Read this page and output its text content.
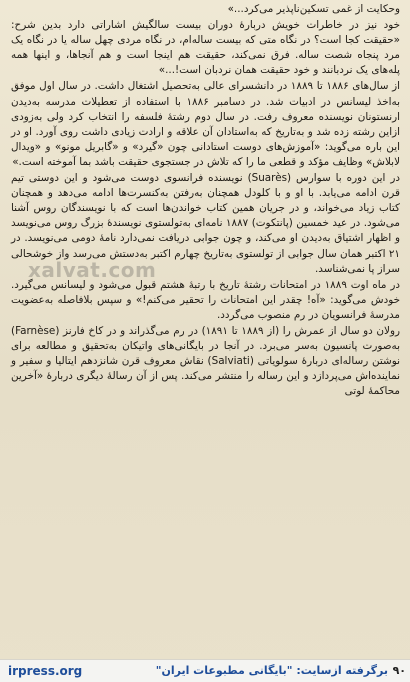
وحکایت از غمی تسکین‌ناپذیر می‌کرد...»

خود نیز در خاطرات خویش دربارهٔ دوران بیست سالگیش اشاراتی دارد بدین شرح: «حقیقت کجا است؟ در نگاه متی که بیست ساله‌ام، در نگاه مردی چهل ساله یا در نگاه یک مرد پنجاه شصت ساله. فرق نمی‌کند، حقیقت هم اینجا است و هم آنجاها، و اینها همه پله‌های یک نردبانند و خود حقیقت همان نردبان است!...»

از سال‌های ۱۸۸۶ تا ۱۸۸۹ در دانشسرای عالی به‌تحصیل اشتغال داشت. در سال اول موفق به‌اخذ لیسانس در ادبیات شد. در دسامبر ۱۸۸۶ با استفاده از تعطیلات مدرسه به‌دیدن ارنستونان نویسنده معروف رفت. در سال دوم رشتهٔ فلسفه را انتخاب کرد ولی به‌زودی ازاین رشته زده شد و به‌تاریخ که به‌استادان آن علاقه و ارادت زیادی داشت روی آورد. او در این باره می‌گوید: «آموزش‌های دوست استادانی چون «گیرد» و «گابریل مونو» و «ویدال لابلاش» وظایف مؤکد و قطعی ما را که تلاش در جستجوی حقیقت باشد بما آموخته است.»

در این دوره با سوارس (Suarès) نویسنده فرانسوی دوست می‌شود و این دوستی تیم قرن ادامه می‌یابد. با او و با کلودل همچنان به‌رفتن به‌کنسرت‌ها ادامه می‌دهد و همچنان کتاب زیاد می‌خواند، و در جریان همین کتاب خواندن‌ها است که با نویسندگان روس آشنا می‌شود. در عید خمسین (پانتکوت) ۱۸۸۷ نامه‌ای به‌تولستوی نویسندهٔ بزرگ روس می‌نویسد و اظهار اشتیاق به‌دیدن او می‌کند، و چون جوابی دریافت نمی‌دارد نامهٔ دومی می‌نویسد. در ۲۱ اکتبر همان سال جوابی از تولستوی به‌تاریخ چهارم اکتبر به‌دستش می‌رسد واز خوشحالی سراز پا نمی‌شناسد.

در ماه اوت ۱۸۸۹ در امتحانات رشتهٔ تاریخ با رتبهٔ هشتم قبول می‌شود و لیسانس می‌گیرد. خودش می‌گوید: «آه! چقدر این امتحانات را تحقیر می‌کنم!» و سپس بلافاصله به‌عضویت مدرسهٔ فرانسویان در رم منصوب می‌گردد.

رولان دو سال از عمرش را (از ۱۸۸۹ تا ۱۸۹۱) در رم می‌گذراند و در کاخ فارنز (Farnèse) به‌صورت پانسیون به‌سر می‌برد. در آنجا در بایگانی‌های واتیکان به‌تحقیق و مطالعه برای نوشتن رساله‌ای دربارهٔ سولویاتی (Salviati) نقاش معروف قرن شانزدهم ایتالیا و سفیر و نماینده‌اش می‌پردازد و این رساله را منتشر می‌کند. پس از آن رسالهٔ دیگری دربارهٔ «آخرین محاکمهٔ لوتی

xalvat.com
irpress.org	برگرفته ازسایت: "بایگانی مطبوعات ایران" ۹۰
